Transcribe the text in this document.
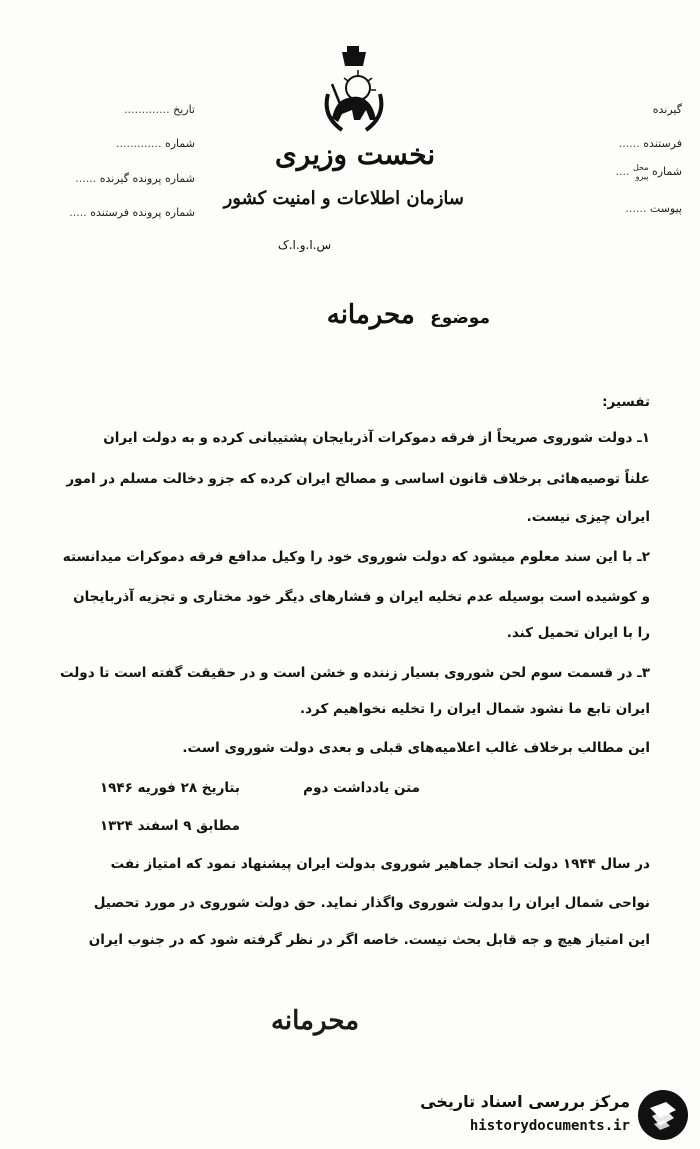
نخست وزیری
سازمان اطلاعات و امنیت کشور
س.ا.و.ا.ک
تاریخ .............
شماره .............
شماره پرونده گیرنده ......
شماره پرونده فرستنده .....
گیرنده
فرستنده ......
شماره محل
پیرو ....
پیوست ......
موضوع   محرمانه
تفسیر:
۱ـ دولت شوروی صریحاً از فرقه دموکرات آذربایجان پشتیبانی کرده و به دولت ایران
علناً توصیه‌هائی برخلاف قانون اساسی و مصالح ایران کرده که جزو دخالت مسلم در امور
ایران چیزی نیست.
۲ـ با این سند معلوم میشود که دولت شوروی خود را وکیل مدافع فرقه دموکرات میدانسته
و کوشیده است بوسیله عدم تخلیه ایران و فشارهای دیگر خود مختاری و تجزیه آذربایجان
را با ایران تحمیل کند.
۳ـ در قسمت سوم لحن شوروی بسیار زننده و خشن است و در حقیقت گفته است تا دولت
ایران تابع ما نشود شمال ایران را تخلیه نخواهیم کرد.
این مطالب برخلاف غالب اعلامیه‌های قبلی و بعدی دولت شوروی است.
متن یادداشت دوم
بتاریخ ۲۸ فوریه ۱۹۴۶
مطابق ۹ اسفند ۱۳۲۴
در سال ۱۹۴۴ دولت اتحاد جماهیر شوروی بدولت ایران پیشنهاد نمود که امتیاز نفت
نواحی شمال ایران را بدولت شوروی واگذار نماید. حق دولت شوروی در مورد تحصیل
این امتیاز هیچ و جه قابل بحث نیست. خاصه اگر در نظر گرفته شود که در جنوب ایران
محرمانه
مرکز بررسی اسناد تاریخی
historydocuments.ir
